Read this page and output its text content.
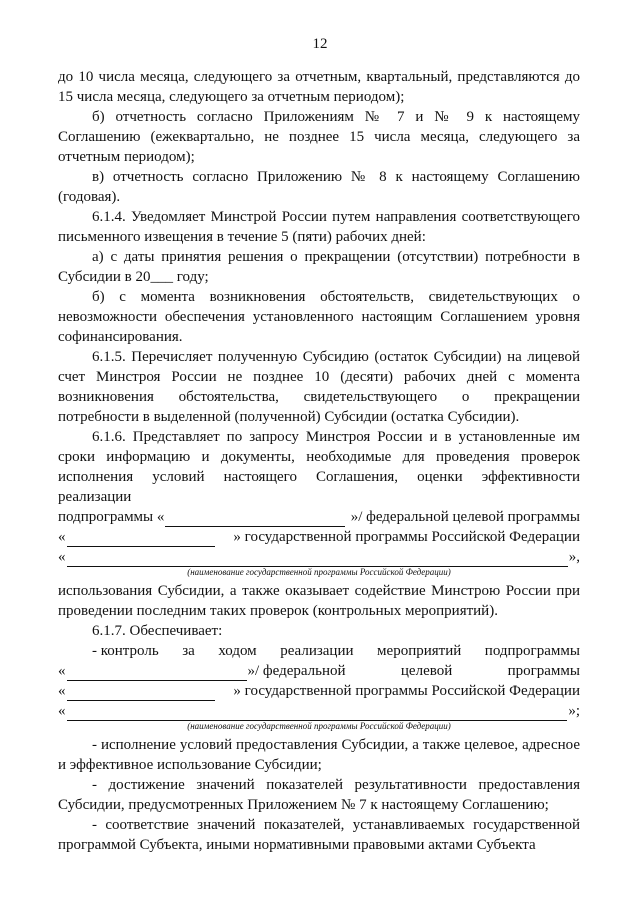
12

до 10 числа месяца, следующего за отчетным, квартальный, представляются до 15 числа месяца, следующего за отчетным периодом);

б) отчетность согласно Приложениям № 7 и № 9 к настоящему Соглашению (ежеквартально, не позднее 15 числа месяца, следующего за отчетным периодом);

в) отчетность согласно Приложению № 8 к настоящему Соглашению (годовая).

6.1.4. Уведомляет Минстрой России путем направления соответствующего письменного извещения в течение 5 (пяти) рабочих дней:

а) с даты принятия решения о прекращении (отсутствии) потребности в Субсидии в 20___ году;

б) с момента возникновения обстоятельств, свидетельствующих о невозможности обеспечения установленного настоящим Соглашением уровня софинансирования.

6.1.5. Перечисляет полученную Субсидию (остаток Субсидии) на лицевой счет Минстроя России не позднее 10 (десяти) рабочих дней с момента возникновения обстоятельства, свидетельствующего о прекращении потребности в выделенной (полученной) Субсидии (остатка Субсидии).

6.1.6. Представляет по запросу Минстроя России и в установленные им сроки информацию и документы, необходимые для проведения проверок исполнения условий настоящего Соглашения, оценки эффективности реализации

подпрограммы «	»/ федеральной целевой программы
«	» государственной программы Российской Федерации
«	»,
(наименование государственной программы Российской Федерации)

использования Субсидии, а также оказывает содействие Минстрою России при проведении последним таких проверок (контрольных мероприятий).

6.1.7. Обеспечивает:

- контроль за ходом реализации мероприятий подпрограммы
«	»/ федеральной	целевой	программы
«	» государственной программы Российской Федерации
«	»;
(наименование государственной программы Российской Федерации)

- исполнение условий предоставления Субсидии, а также целевое, адресное и эффективное использование Субсидии;

- достижение значений показателей результативности предоставления Субсидии, предусмотренных Приложением № 7 к настоящему Соглашению;

- соответствие значений показателей, устанавливаемых государственной программой Субъекта, иными нормативными правовыми актами Субъекта
